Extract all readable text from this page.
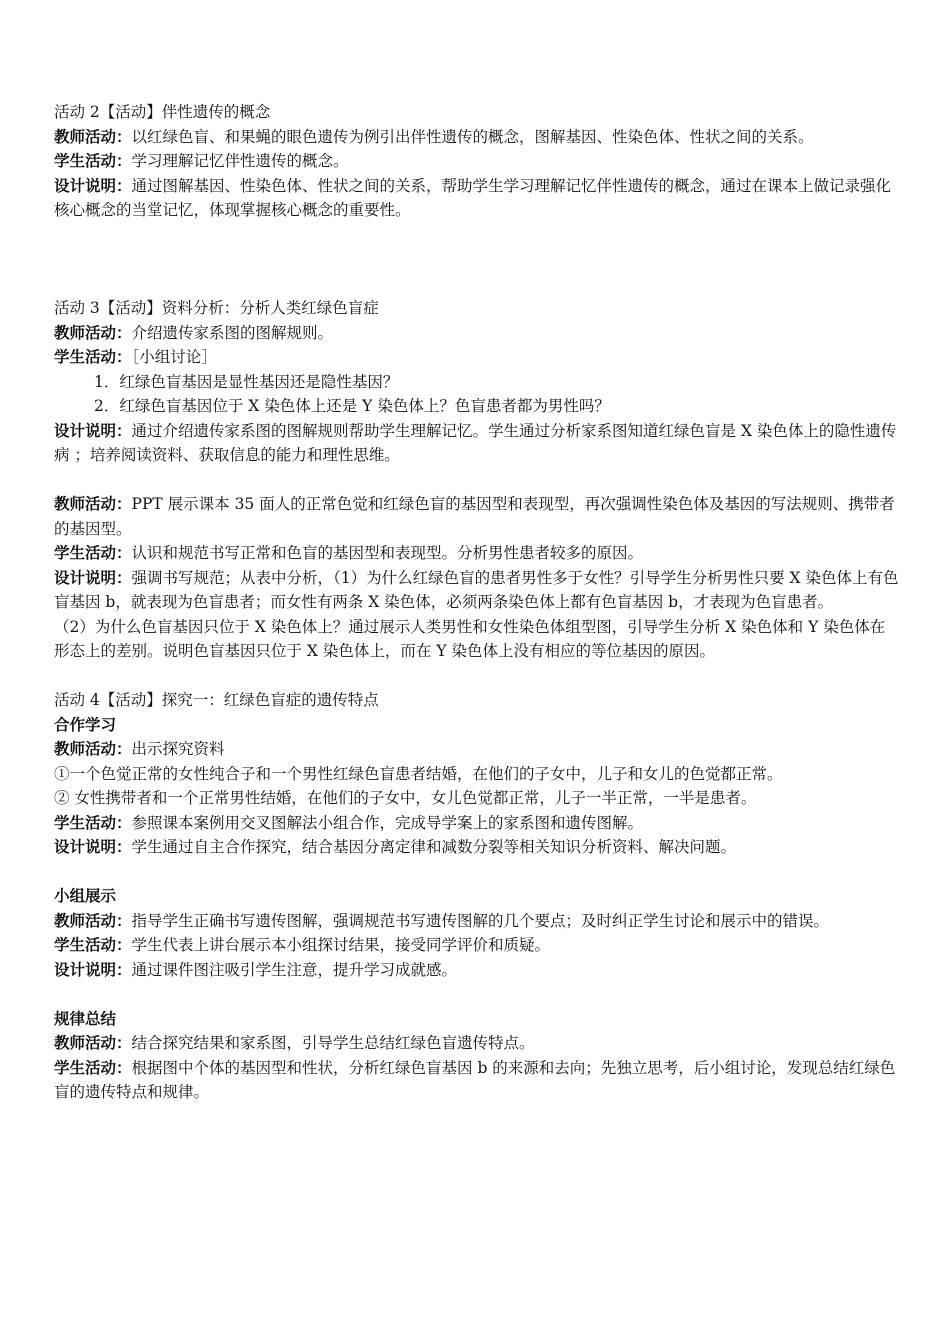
活动 2【活动】伴性遗传的概念
教师活动：以红绿色盲、和果蝇的眼色遗传为例引出伴性遗传的概念，图解基因、性染色体、性状之间的关系。
学生活动：学习理解记忆伴性遗传的概念。
设计说明：通过图解基因、性染色体、性状之间的关系，帮助学生学习理解记忆伴性遗传的概念，通过在课本上做记录强化核心概念的当堂记忆，体现掌握核心概念的重要性。
活动 3【活动】资料分析：分析人类红绿色盲症
教师活动：介绍遗传家系图的图解规则。
学生活动：［小组讨论］
1．红绿色盲基因是显性基因还是隐性基因？
2．红绿色盲基因位于 X 染色体上还是 Y 染色体上？色盲患者都为男性吗？
设计说明：通过介绍遗传家系图的图解规则帮助学生理解记忆。学生通过分析家系图知道红绿色盲是 X 染色体上的隐性遗传病 ；培养阅读资料、获取信息的能力和理性思维。
教师活动：PPT 展示课本 35 面人的正常色觉和红绿色盲的基因型和表现型，再次强调性染色体及基因的写法规则、携带者的基因型。
学生活动：认识和规范书写正常和色盲的基因型和表现型。分析男性患者较多的原因。
设计说明：强调书写规范；从表中分析，（1）为什么红绿色盲的患者男性多于女性？引导学生分析男性只要 X 染色体上有色盲基因 b，就表现为色盲患者；而女性有两条 X 染色体，必须两条染色体上都有色盲基因 b，才表现为色盲患者。
（2）为什么色盲基因只位于 X 染色体上？通过展示人类男性和女性染色体组型图，引导学生分析 X 染色体和 Y 染色体在形态上的差别。说明色盲基因只位于 X 染色体上，而在 Y 染色体上没有相应的等位基因的原因。
活动 4【活动】探究一：红绿色盲症的遗传特点
合作学习
教师活动：出示探究资料
①一个色觉正常的女性纯合子和一个男性红绿色盲患者结婚，在他们的子女中，儿子和女儿的色觉都正常。
② 女性携带者和一个正常男性结婚，在他们的子女中，女儿色觉都正常，儿子一半正常，一半是患者。
学生活动：参照课本案例用交叉图解法小组合作，完成导学案上的家系图和遗传图解。
设计说明：学生通过自主合作探究，结合基因分离定律和减数分裂等相关知识分析资料、解决问题。
小组展示
教师活动：指导学生正确书写遗传图解，强调规范书写遗传图解的几个要点；及时纠正学生讨论和展示中的错误。
学生活动：学生代表上讲台展示本小组探讨结果，接受同学评价和质疑。
设计说明：通过课件图注吸引学生注意，提升学习成就感。
规律总结
教师活动：结合探究结果和家系图，引导学生总结红绿色盲遗传特点。
学生活动：根据图中个体的基因型和性状，分析红绿色盲基因 b 的来源和去向；先独立思考，后小组讨论，发现总结红绿色盲的遗传特点和规律。
